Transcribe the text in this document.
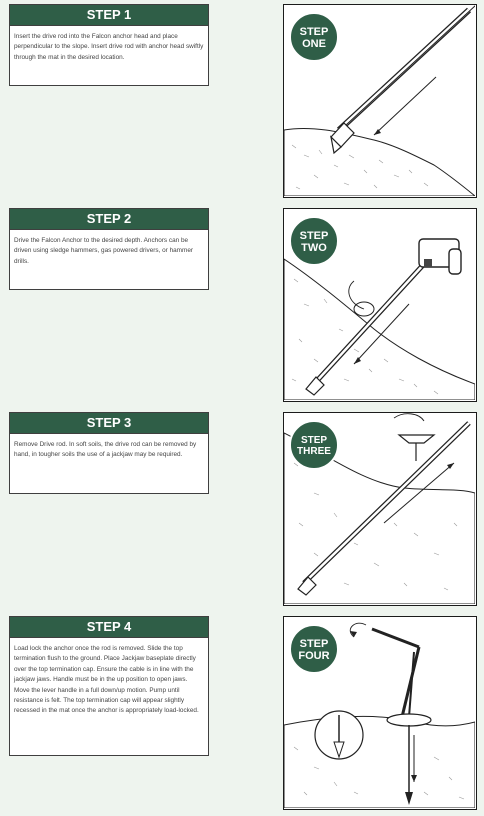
STEP 1
Insert the drive rod into the Falcon anchor head and place perpendicular to the slope. Insert drive rod with anchor head swiftly through the mat in the desired location.
STEP 2
Drive the Falcon Anchor to the desired depth. Anchors can be driven using sledge hammers, gas powered drivers, or hammer drills.
STEP 3
Remove Drive rod. In soft soils, the drive rod can be removed by hand, in tougher soils the use of a jackjaw may be required.
STEP 4
Load lock the anchor once the rod is removed. Slide the top termination flush to the ground. Place Jackjaw baseplate directly over the top termination cap. Ensure the cable is in line with the jackjaw jaws. Handle must be in the up position to open jaws. Move the lever handle in a full down/up motion. Pump until resistance is felt. The top termination cap will appear slightly recessed in the mat once the anchor is appropriately load-locked.
STEP
ONE
STEP
TWO
STEP
THREE
STEP
FOUR
